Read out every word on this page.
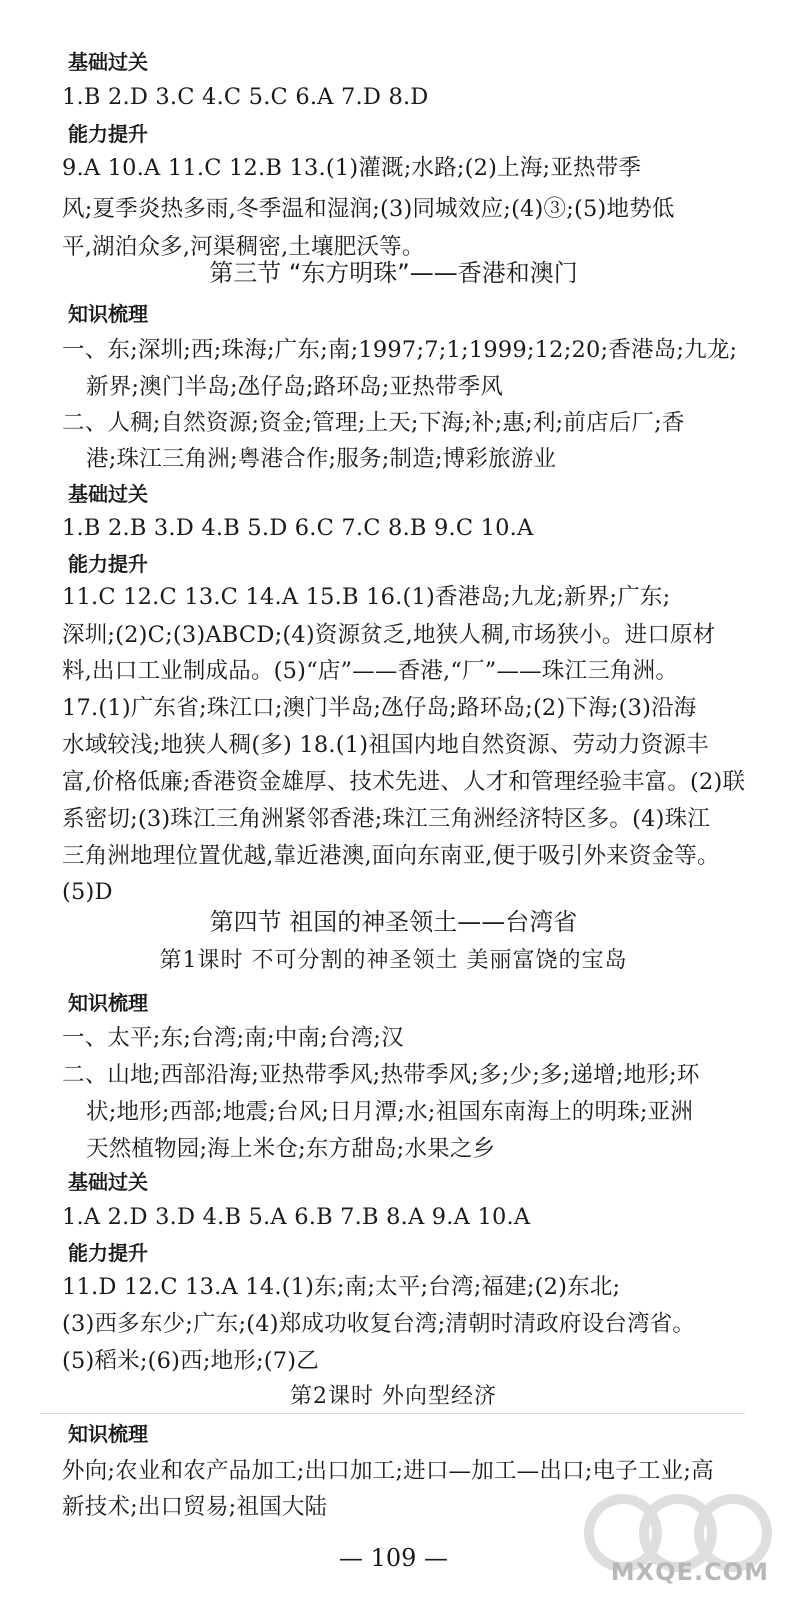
基础过关
1.B 2.D 3.C 4.C 5.C 6.A 7.D 8.D
能力提升
9.A 10.A 11.C 12.B 13.(1)灌溉;水路;(2)上海;亚热带季
风;夏季炎热多雨,冬季温和湿润;(3)同城效应;(4)③;(5)地势低
平,湖泊众多,河渠稠密,土壤肥沃等。
第三节 “东方明珠”——香港和澳门
知识梳理
一、东;深圳;西;珠海;广东;南;1997;7;1;1999;12;20;香港岛;九龙;
新界;澳门半岛;氹仔岛;路环岛;亚热带季风
二、人稠;自然资源;资金;管理;上天;下海;补;惠;利;前店后厂;香
港;珠江三角洲;粤港合作;服务;制造;博彩旅游业
基础过关
1.B 2.B 3.D 4.B 5.D 6.C 7.C 8.B 9.C 10.A
能力提升
11.C 12.C 13.C 14.A 15.B 16.(1)香港岛;九龙;新界;广东;
深圳;(2)C;(3)ABCD;(4)资源贫乏,地狭人稠,市场狭小。进口原材
料,出口工业制成品。(5)“店”——香港,“厂”——珠江三角洲。
17.(1)广东省;珠江口;澳门半岛;氹仔岛;路环岛;(2)下海;(3)沿海
水域较浅;地狭人稠(多) 18.(1)祖国内地自然资源、劳动力资源丰
富,价格低廉;香港资金雄厚、技术先进、人才和管理经验丰富。(2)联
系密切;(3)珠江三角洲紧邻香港;珠江三角洲经济特区多。(4)珠江
三角洲地理位置优越,靠近港澳,面向东南亚,便于吸引外来资金等。
(5)D
第四节 祖国的神圣领土——台湾省
第1课时 不可分割的神圣领土 美丽富饶的宝岛
知识梳理
一、太平;东;台湾;南;中南;台湾;汉
二、山地;西部沿海;亚热带季风;热带季风;多;少;多;递增;地形;环
状;地形;西部;地震;台风;日月潭;水;祖国东南海上的明珠;亚洲
天然植物园;海上米仓;东方甜岛;水果之乡
基础过关
1.A 2.D 3.D 4.B 5.A 6.B 7.B 8.A 9.A 10.A
能力提升
11.D 12.C 13.A 14.(1)东;南;太平;台湾;福建;(2)东北;
(3)西多东少;广东;(4)郑成功收复台湾;清朝时清政府设台湾省。
(5)稻米;(6)西;地形;(7)乙
第2课时 外向型经济
知识梳理
外向;农业和农产品加工;出口加工;进口—加工—出口;电子工业;高
新技术;出口贸易;祖国大陆
— 109 —	MXQE.COM
